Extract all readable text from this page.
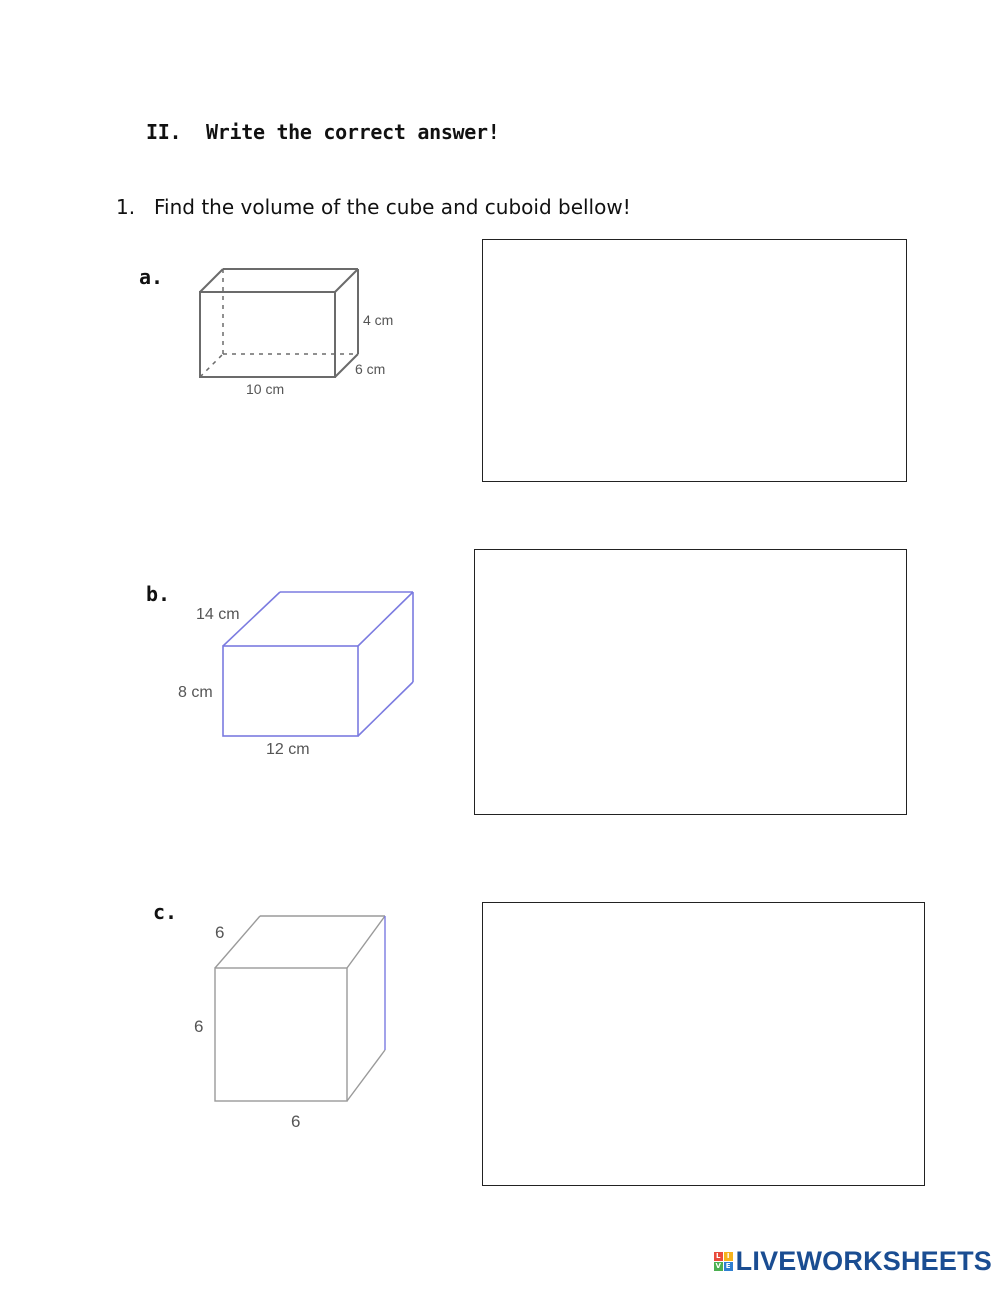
II. Write the correct answer!
1. Find the volume of the cube and cuboid bellow!
a.
4 cm
6 cm
10 cm
b.
14 cm
8 cm
12 cm
c.
6
6
6
L I
V E LIVEWORKSHEETS
